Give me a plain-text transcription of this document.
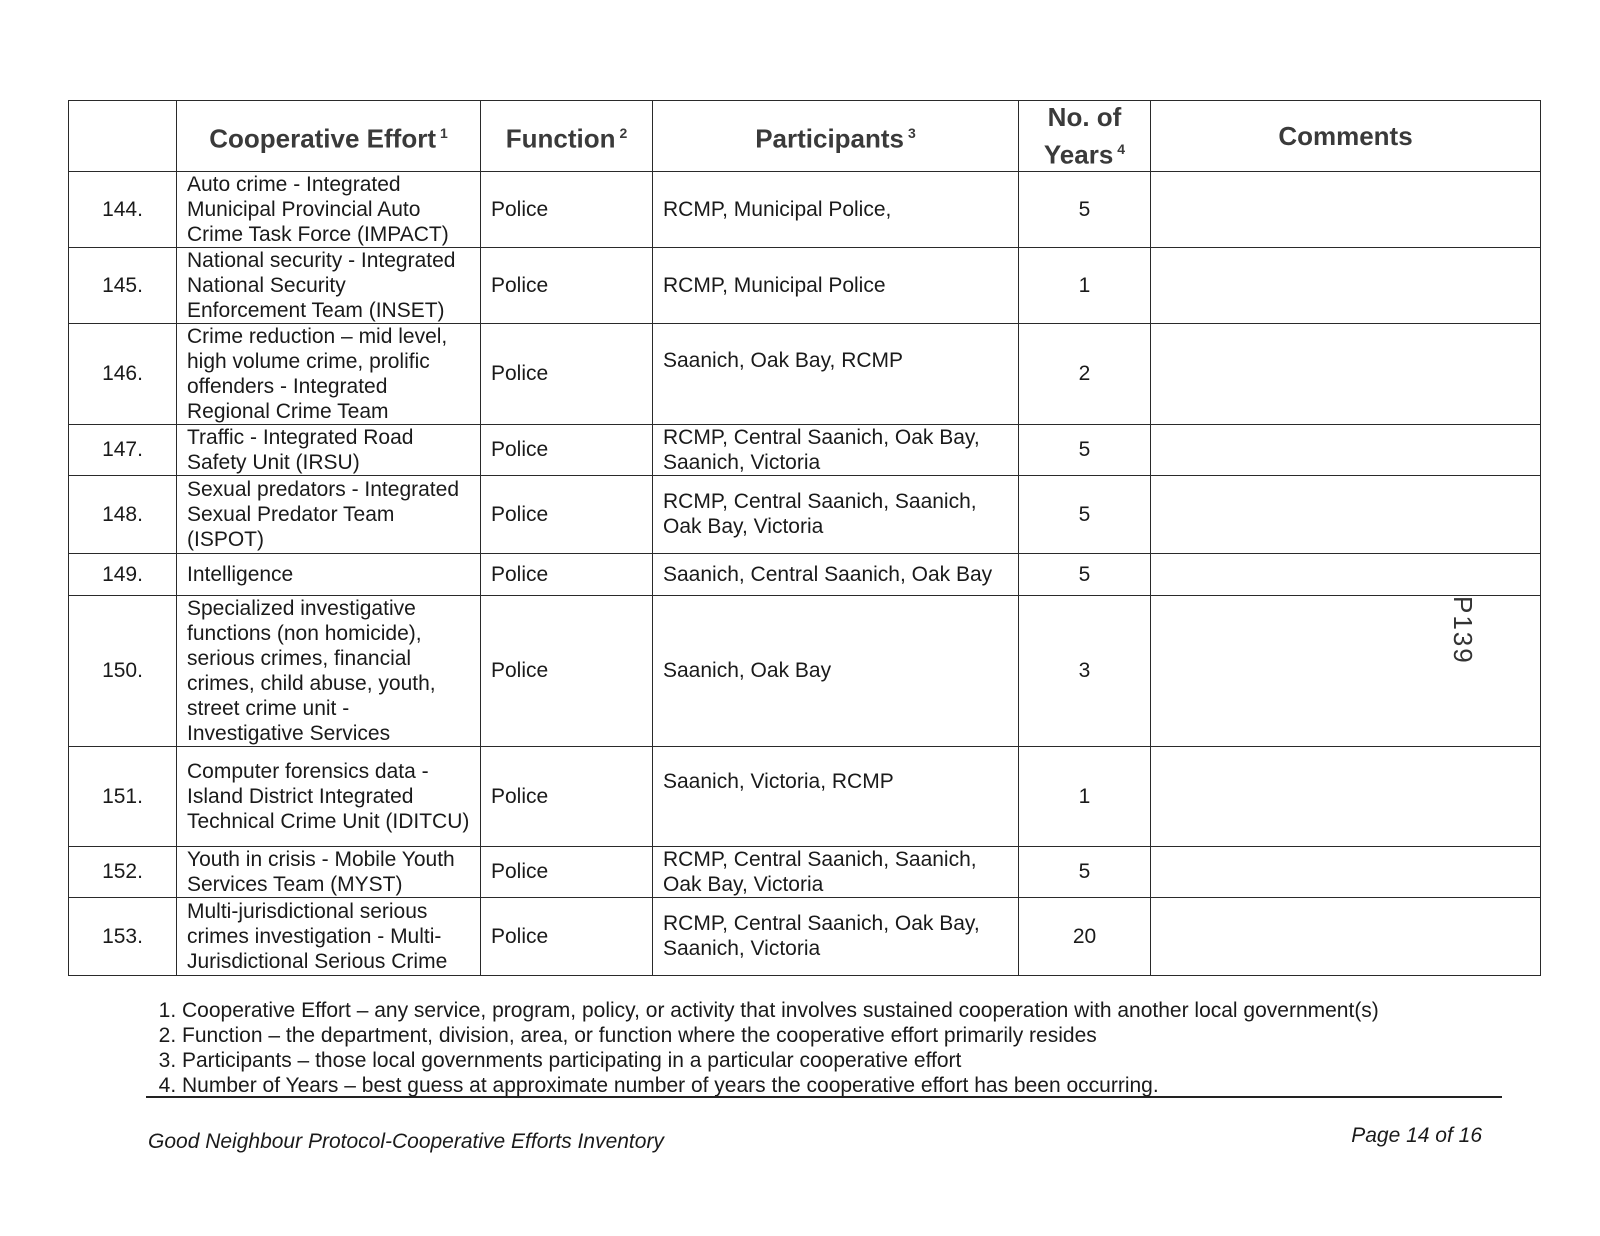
	Cooperative Effort $^1$	Function $^2$	Participants $^3$	No. of Years $^4$	Comments
144.	Auto crime - Integrated Municipal Provincial Auto Crime Task Force (IMPACT)	Police	RCMP, Municipal Police,	5	
145.	National security - Integrated National Security Enforcement Team (INSET)	Police	RCMP, Municipal Police	1	
146.	Crime reduction – mid level, high volume crime, prolific offenders - Integrated Regional Crime Team	Police	Saanich, Oak Bay, RCMP	2	
147.	Traffic - Integrated Road Safety Unit (IRSU)	Police	RCMP, Central Saanich, Oak Bay, Saanich, Victoria	5	
148.	Sexual predators - Integrated Sexual Predator Team (ISPOT)	Police	RCMP, Central Saanich, Saanich, Oak Bay, Victoria	5	
149.	Intelligence	Police	Saanich, Central Saanich, Oak Bay	5	
150.	Specialized investigative functions (non homicide), serious crimes, financial crimes, child abuse, youth, street crime unit - Investigative Services	Police	Saanich, Oak Bay	3	
151.	Computer forensics data - Island District Integrated Technical Crime Unit (IDITCU)	Police	Saanich, Victoria, RCMP	1	
152.	Youth in crisis - Mobile Youth Services Team (MYST)	Police	RCMP, Central Saanich, Saanich, Oak Bay, Victoria	5	
153.	Multi-jurisdictional serious crimes investigation - Multi-Jurisdictional Serious Crime	Police	RCMP, Central Saanich, Oak Bay, Saanich, Victoria	20	
P139
1. Cooperative Effort – any service, program, policy, or activity that involves sustained cooperation with another local government(s)
2. Function – the department, division, area, or function where the cooperative effort primarily resides
3. Participants – those local governments participating in a particular cooperative effort
4. Number of Years – best guess at approximate number of years the cooperative effort has been occurring.
Good Neighbour Protocol-Cooperative Efforts Inventory	Page 14 of 16
